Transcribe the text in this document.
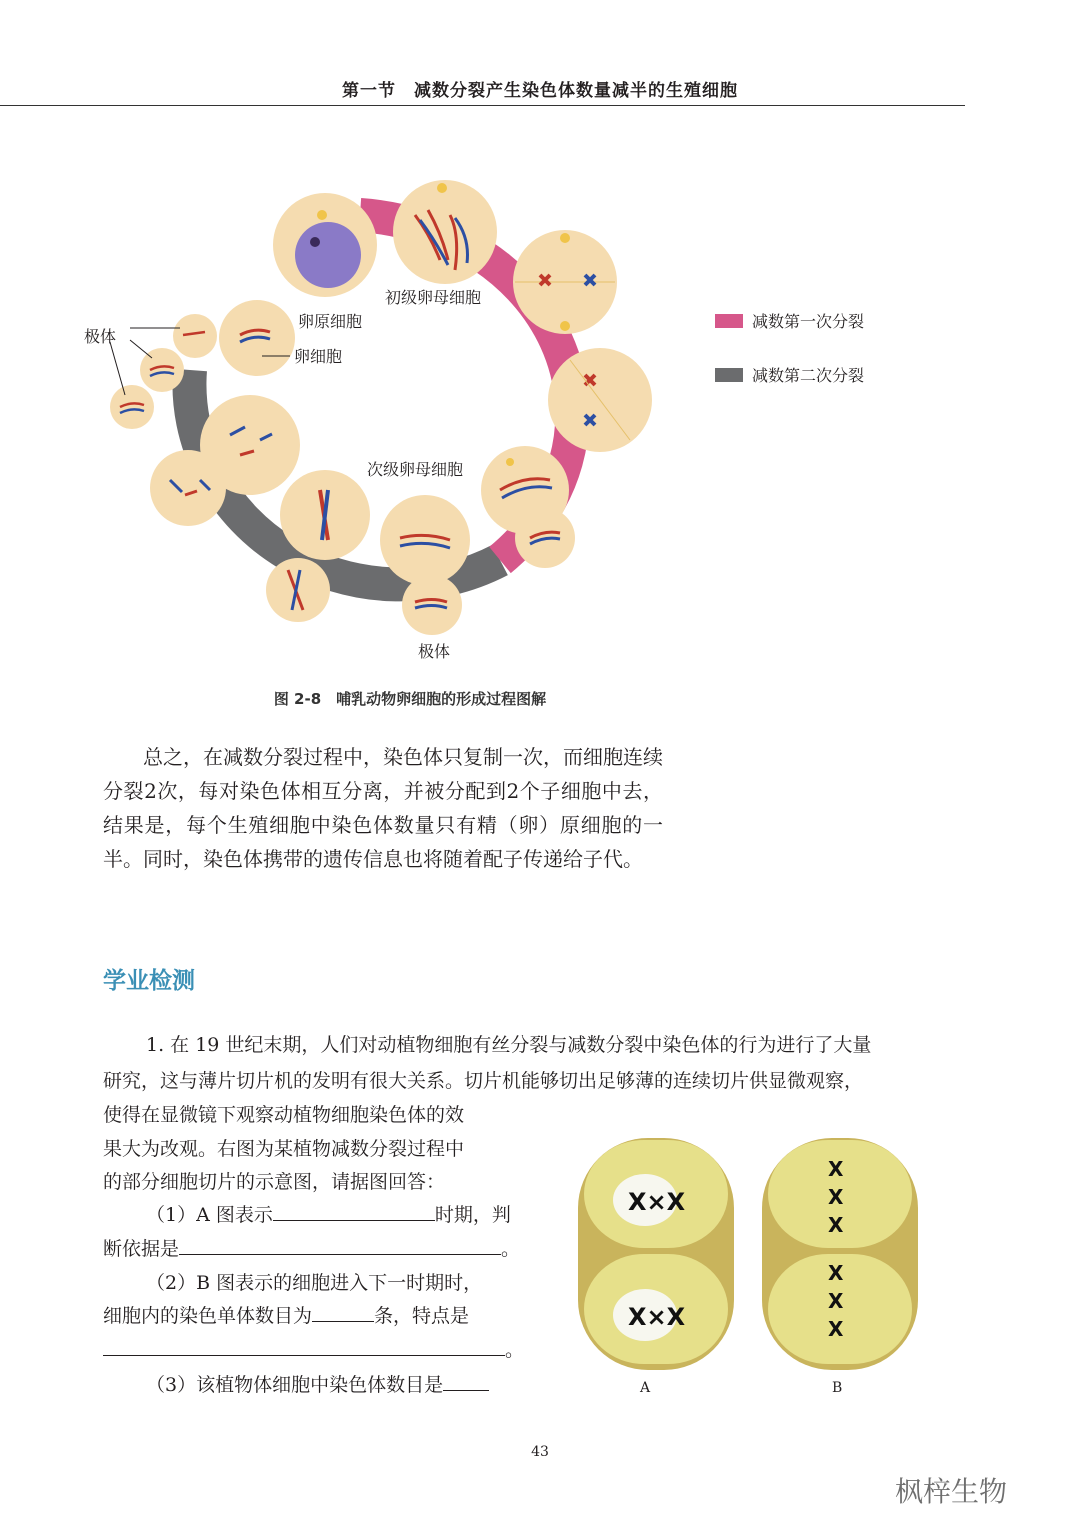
第一节　减数分裂产生染色体数量减半的生殖细胞
卵原细胞
初级卵母细胞
次级卵母细胞
卵细胞
极体
极体
减数第一次分裂
减数第二次分裂
图 2-8　哺乳动物卵细胞的形成过程图解
总之，在减数分裂过程中，染色体只复制一次，而细胞连续分裂2次，每对染色体相互分离，并被分配到2个子细胞中去，结果是，每个生殖细胞中染色体数量只有精（卵）原细胞的一半。同时，染色体携带的遗传信息也将随着配子传递给子代。
学业检测
1. 在 19 世纪末期，人们对动植物细胞有丝分裂与减数分裂中染色体的行为进行了大量
研究，这与薄片切片机的发明有很大关系。切片机能够切出足够薄的连续切片供显微观察，
使得在显微镜下观察动植物细胞染色体的效
果大为改观。右图为某植物减数分裂过程中
的部分细胞切片的示意图，请据图回答：
（1）A 图表示	时期，判
断依据是	。
（2）B 图表示的细胞进入下一时期时，
细胞内的染色单体数目为	条，特点是
。
（3）该植物体细胞中染色体数目是
X×X
X×X
X
X
X
X
X
X
A	B
43
枫梓生物
